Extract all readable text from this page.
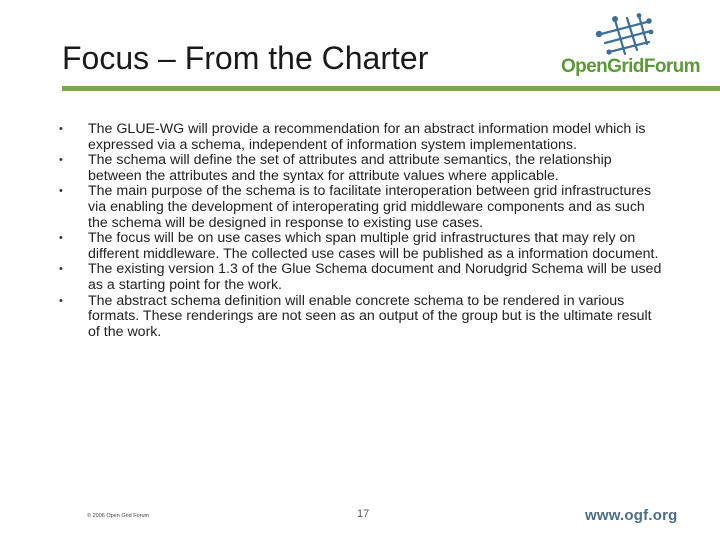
Focus – From the Charter	OpenGridForum
• The GLUE-WG will provide a recommendation for an abstract information model which is expressed via a schema, independent of information system implementations.
• The schema will define the set of attributes and attribute semantics, the relationship between the attributes and the syntax for attribute values where applicable.
• The main purpose of the schema is to facilitate interoperation between grid infrastructures via enabling the development of interoperating grid middleware components and as such the schema will be designed in response to existing use cases.
• The focus will be on use cases which span multiple grid infrastructures that may rely on different middleware. The collected use cases will be published as a information document.
• The existing version 1.3 of the Glue Schema document and Norudgrid Schema will be used as a starting point for the work.
• The abstract schema definition will enable concrete schema to be rendered in various formats. These renderings are not seen as an output of the group but is the ultimate result of the work.
© 2006 Open Grid Forum	17	www.ogf.org
